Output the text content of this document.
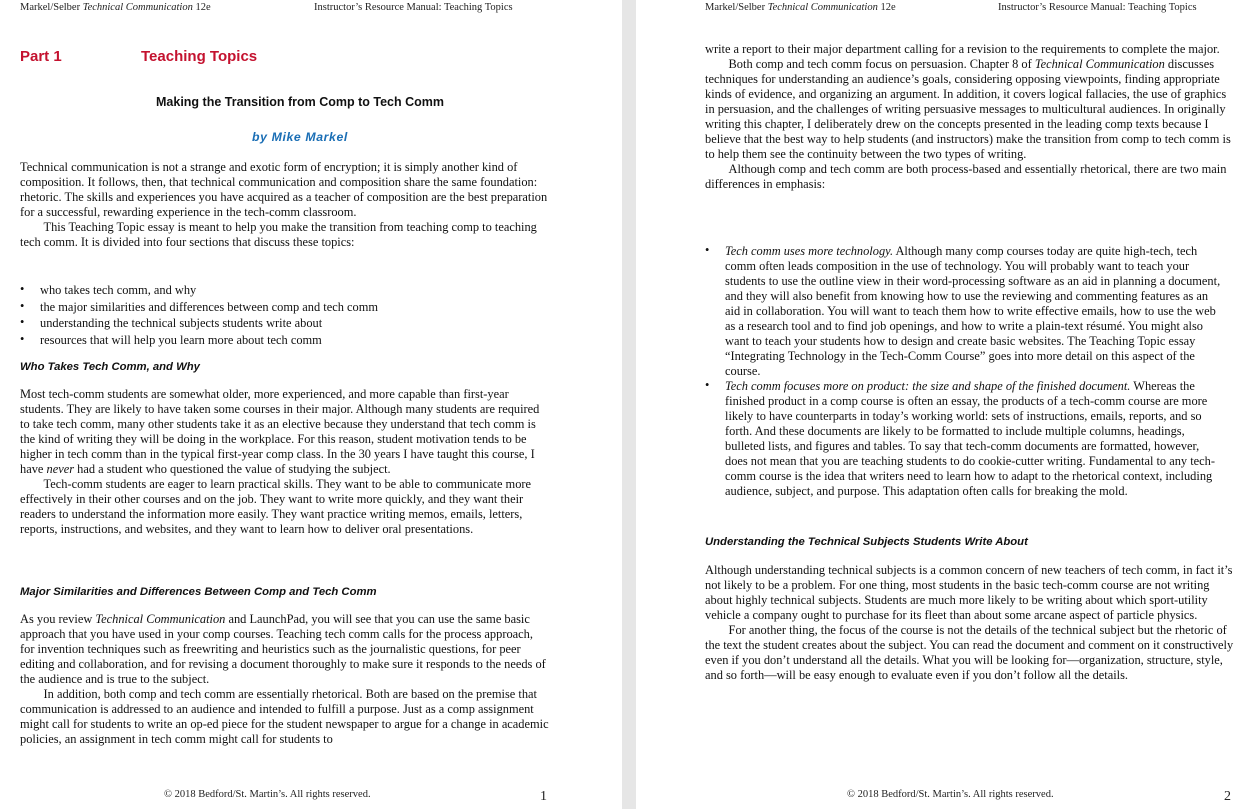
Markel/Selber Technical Communication 12e	Instructor’s Resource Manual: Teaching Topics
Part 1	Teaching Topics
Making the Transition from Comp to Tech Comm
by Mike Markel

Technical communication is not a strange and exotic form of encryption; it is simply another kind of composition. It follows, then, that technical communication and composition share the same foundation: rhetoric. The skills and experiences you have acquired as a teacher of composition are the best preparation for a successful, rewarding experience in the tech-comm classroom.

This Teaching Topic essay is meant to help you make the transition from teaching comp to teaching tech comm. It is divided into four sections that discuss these topics:

• who takes tech comm, and why
• the major similarities and differences between comp and tech comm
• understanding the technical subjects students write about
• resources that will help you learn more about tech comm
Who Takes Tech Comm, and Why

Most tech-comm students are somewhat older, more experienced, and more capable than first-year students. They are likely to have taken some courses in their major. Although many students are required to take tech comm, many other students take it as an elective because they understand that tech comm is the kind of writing they will be doing in the workplace. For this reason, student motivation tends to be higher in tech comm than in the typical first-year comp class. In the 30 years I have taught this course, I have never had a student who questioned the value of studying the subject.

Tech-comm students are eager to learn practical skills. They want to be able to communicate more effectively in their other courses and on the job. They want to write more quickly, and they want their readers to understand the information more easily. They want practice writing memos, emails, letters, reports, instructions, and websites, and they want to learn how to deliver oral presentations.

Major Similarities and Differences Between Comp and Tech Comm

As you review Technical Communication and LaunchPad, you will see that you can use the same basic approach that you have used in your comp courses. Teaching tech comm calls for the process approach, for invention techniques such as freewriting and heuristics such as the journalistic questions, for peer editing and collaboration, and for revising a document thoroughly to make sure it responds to the needs of the audience and is true to the subject.

In addition, both comp and tech comm are essentially rhetorical. Both are based on the premise that communication is addressed to an audience and intended to fulfill a purpose. Just as a comp assignment might call for students to write an op-ed piece for the student newspaper to argue for a change in academic policies, an assignment in tech comm might call for students to

© 2018 Bedford/St. Martin’s. All rights reserved.	1
Markel/Selber Technical Communication 12e	Instructor’s Resource Manual: Teaching Topics

write a report to their major department calling for a revision to the requirements to complete the major.

Both comp and tech comm focus on persuasion. Chapter 8 of Technical Communication discusses techniques for understanding an audience’s goals, considering opposing viewpoints, finding appropriate kinds of evidence, and organizing an argument. In addition, it covers logical fallacies, the use of graphics in persuasion, and the challenges of writing persuasive messages to multicultural audiences. In originally writing this chapter, I deliberately drew on the concepts presented in the leading comp texts because I believe that the best way to help students (and instructors) make the transition from comp to tech comm is to help them see the continuity between the two types of writing.

Although comp and tech comm are both process-based and essentially rhetorical, there are two main differences in emphasis:

• Tech comm uses more technology. Although many comp courses today are quite high-tech, tech comm often leads composition in the use of technology. You will probably want to teach your students to use the outline view in their word-processing software as an aid in planning a document, and they will also benefit from knowing how to use the reviewing and commenting features as an aid in collaboration. You will want to teach them how to write effective emails, how to use the web as a research tool and to find job openings, and how to write a plain-text résumé. You might also want to teach your students how to design and create basic websites. The Teaching Topic essay “Integrating Technology in the Tech-Comm Course” goes into more detail on this aspect of the course.
• Tech comm focuses more on product: the size and shape of the finished document. Whereas the finished product in a comp course is often an essay, the products of a tech-comm course are more likely to have counterparts in today’s working world: sets of instructions, emails, reports, and so forth. And these documents are likely to be formatted to include multiple columns, headings, bulleted lists, and figures and tables. To say that tech-comm documents are formatted, however, does not mean that you are teaching students to do cookie-cutter writing. Fundamental to any tech-comm course is the idea that writers need to learn how to adapt to the rhetorical context, including audience, subject, and purpose. This adaptation often calls for breaking the mold.
Understanding the Technical Subjects Students Write About

Although understanding technical subjects is a common concern of new teachers of tech comm, in fact it’s not likely to be a problem. For one thing, most students in the basic tech-comm course are not writing about highly technical subjects. Students are much more likely to be writing about which sport-utility vehicle a company ought to purchase for its fleet than about some arcane aspect of particle physics.

For another thing, the focus of the course is not the details of the technical subject but the rhetoric of the text the student creates about the subject. You can read the document and comment on it constructively even if you don’t understand all the details. What you will be looking for—organization, structure, style, and so forth—will be easy enough to evaluate even if you don’t follow all the details.

© 2018 Bedford/St. Martin’s. All rights reserved.	2
